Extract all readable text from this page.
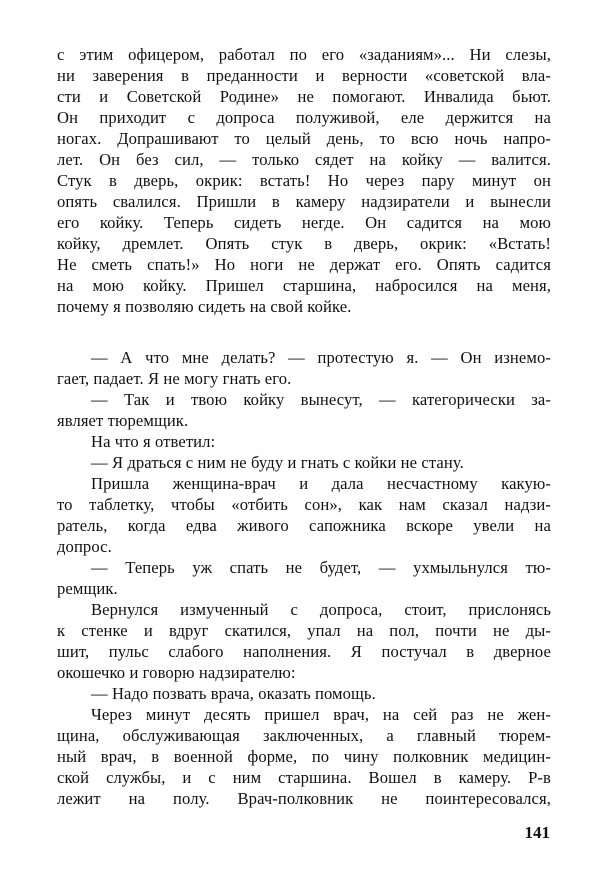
с этим офицером, работал по его «заданиям»... Ни слезы,
ни заверения в преданности и верности «советской вла-
сти и Советской Родине» не помогают. Инвалида бьют.
Он приходит с допроса полуживой, еле держится на
ногах. Допрашивают то целый день, то всю ночь напро-
лет. Он без сил, — только сядет на койку — валится.
Стук в дверь, окрик: встать! Но через пару минут он
опять свалился. Пришли в камеру надзиратели и вынесли
его койку. Теперь сидеть негде. Он садится на мою
койку, дремлет. Опять стук в дверь, окрик: «Встать!
Не сметь спать!» Но ноги не держат его. Опять садится
на мою койку. Пришел старшина, набросился на меня,
почему я позволяю сидеть на свой койке.
— А что мне делать? — протестую я. — Он изнемо-
гает, падает. Я не могу гнать его.
— Так и твою койку вынесут, — категорически за-
являет тюремщик.
На что я ответил:
— Я драться с ним не буду и гнать с койки не стану.
Пришла женщина-врач и дала несчастному какую-
то таблетку, чтобы «отбить сон», как нам сказал надзи-
ратель, когда едва живого сапожника вскоре увели на
допрос.
— Теперь уж спать не будет, — ухмыльнулся тю-
ремщик.
Вернулся измученный с допроса, стоит, прислонясь
к стенке и вдруг скатился, упал на пол, почти не ды-
шит, пульс слабого наполнения. Я постучал в дверное
окошечко и говорю надзирателю:
— Надо позвать врача, оказать помощь.
Через минут десять пришел врач, на сей раз не жен-
щина, обслуживающая заключенных, а главный тюрем-
ный врач, в военной форме, по чину полковник медицин-
ской службы, и с ним старшина. Вошел в камеру. Р-в
лежит на полу. Врач-полковник не поинтересовался,
141
